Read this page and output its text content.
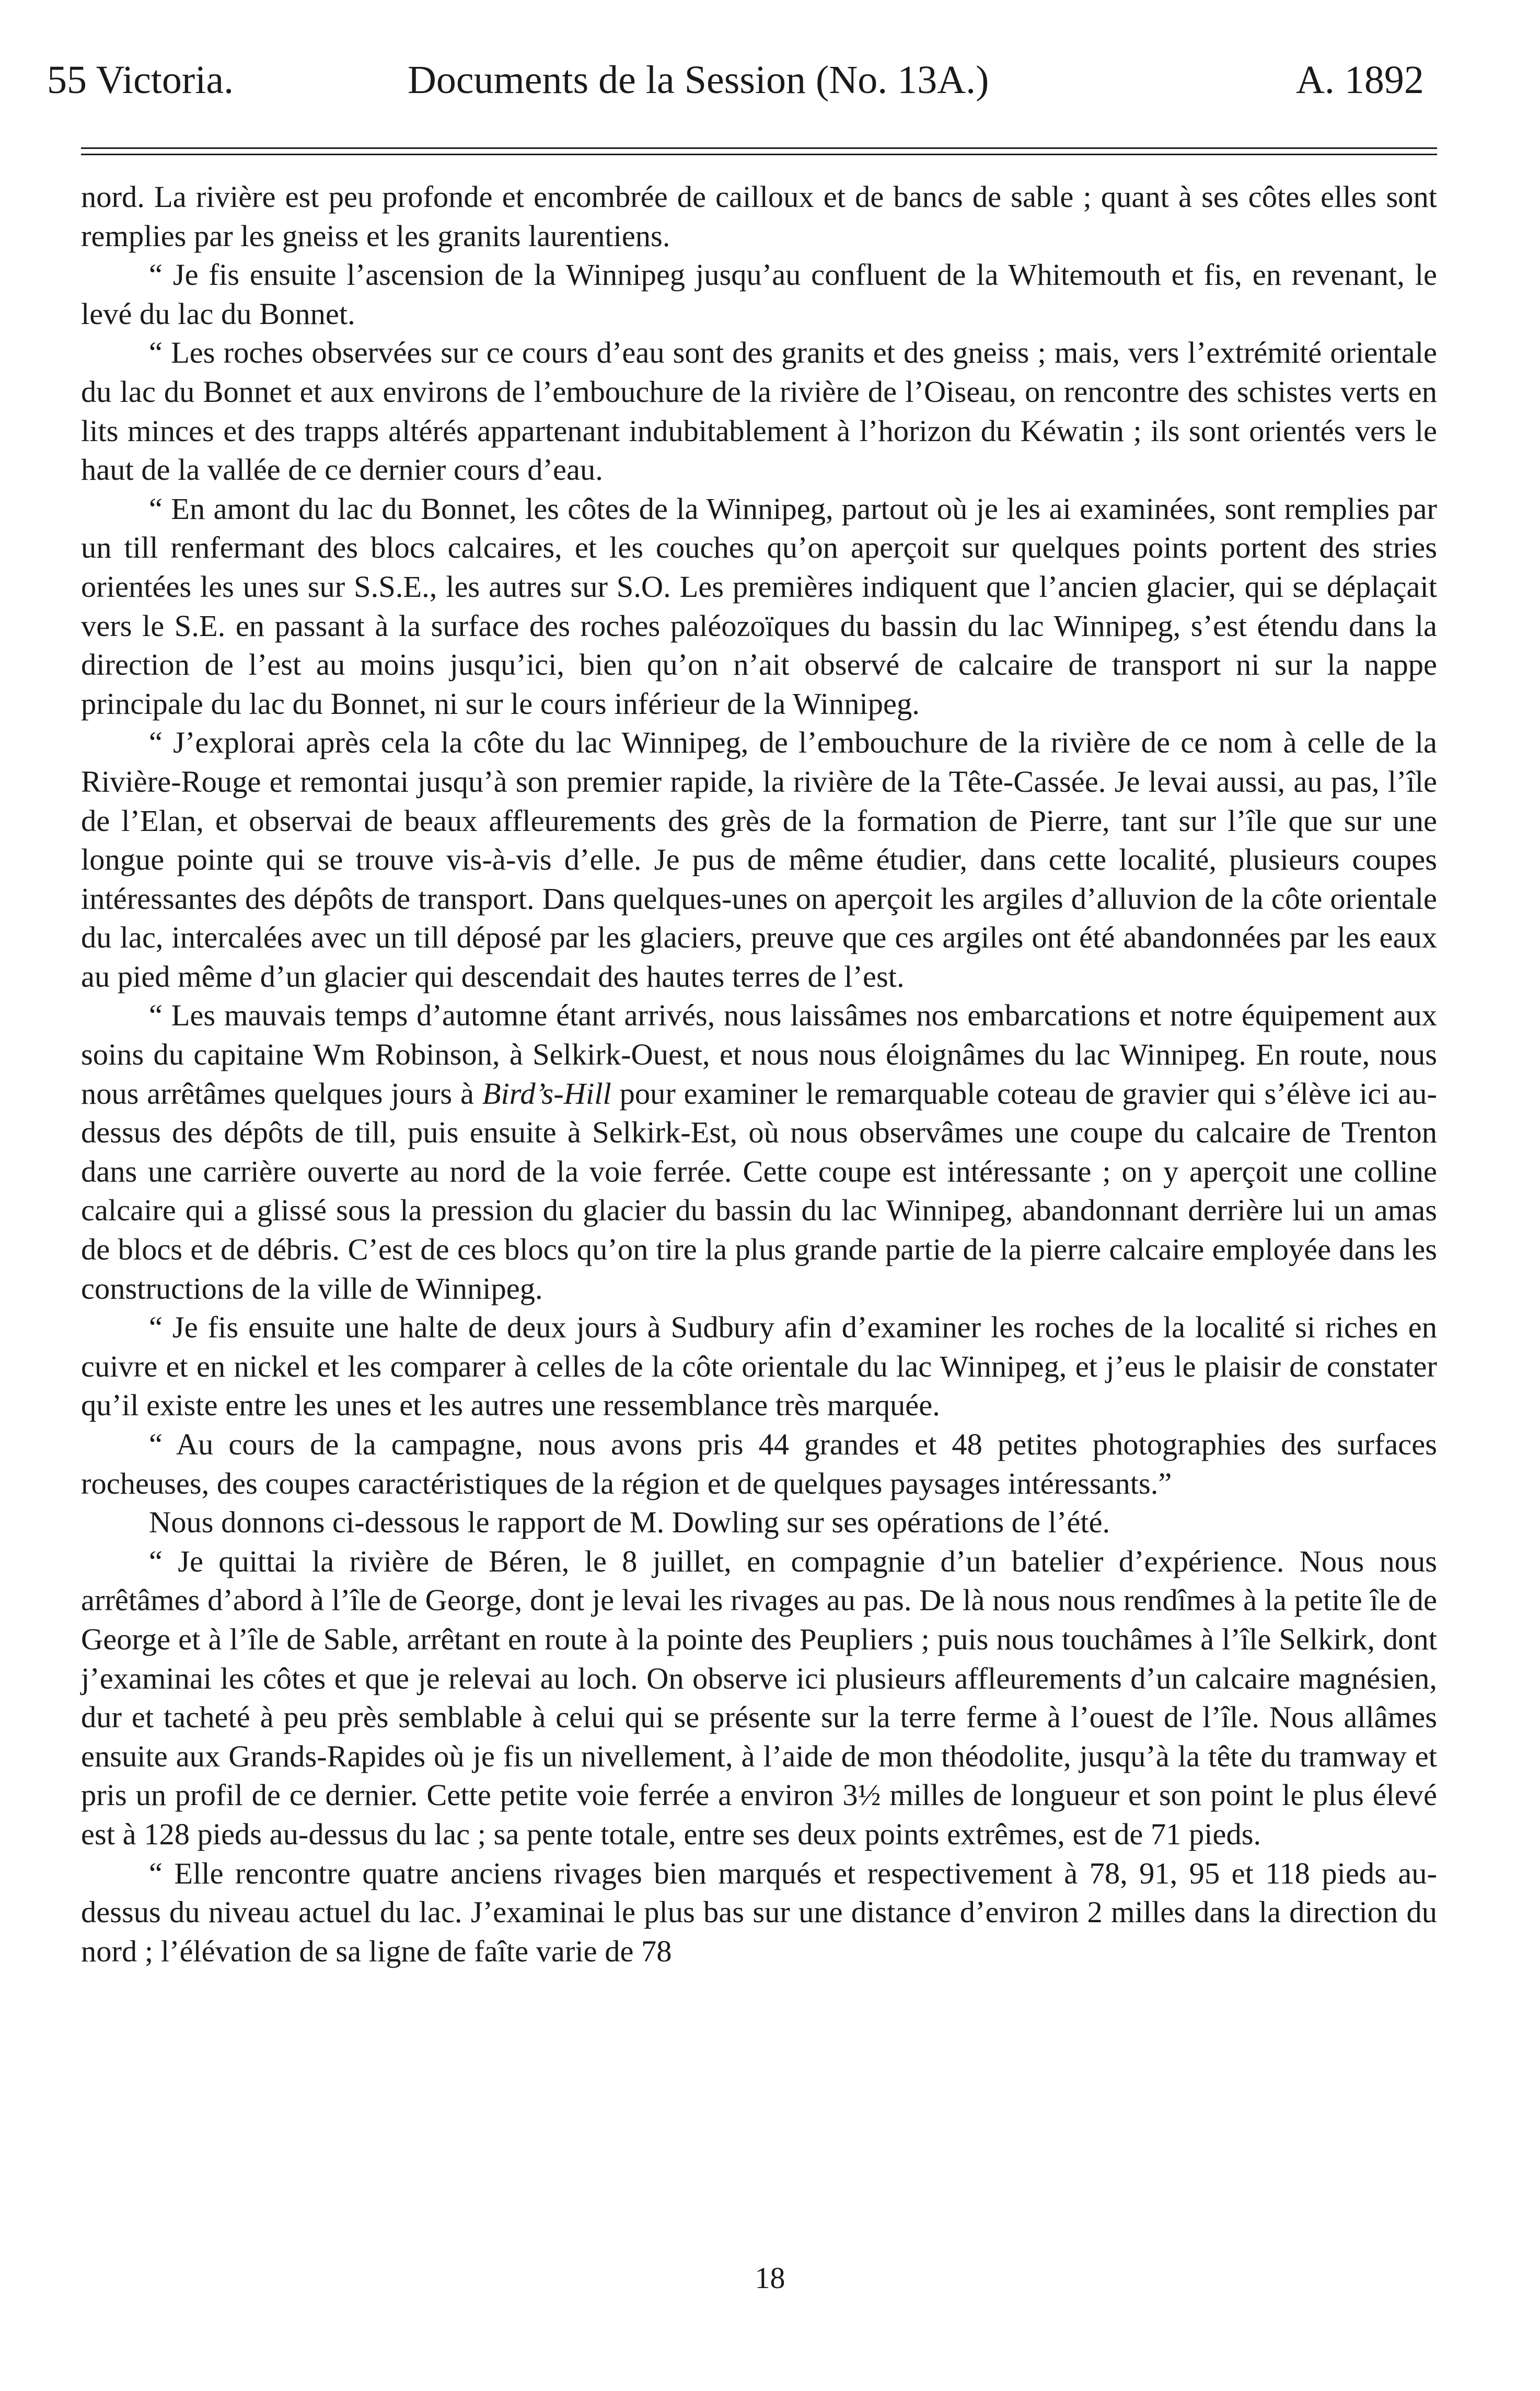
55 Victoria.	Documents de la Session (No. 13A.)	A. 1892

nord. La rivière est peu profonde et encombrée de cailloux et de bancs de sable ; quant à ses côtes elles sont remplies par les gneiss et les granits laurentiens.

“ Je fis ensuite l’ascension de la Winnipeg jusqu’au confluent de la Whitemouth et fis, en revenant, le levé du lac du Bonnet.

“ Les roches observées sur ce cours d’eau sont des granits et des gneiss ; mais, vers l’extrémité orientale du lac du Bonnet et aux environs de l’embouchure de la rivière de l’Oiseau, on rencontre des schistes verts en lits minces et des trapps altérés appartenant indubitablement à l’horizon du Kéwatin ; ils sont orientés vers le haut de la vallée de ce dernier cours d’eau.

“ En amont du lac du Bonnet, les côtes de la Winnipeg, partout où je les ai examinées, sont remplies par un till renfermant des blocs calcaires, et les couches qu’on aperçoit sur quelques points portent des stries orientées les unes sur S.S.E., les autres sur S.O. Les premières indiquent que l’ancien glacier, qui se déplaçait vers le S.E. en passant à la surface des roches paléozoïques du bassin du lac Winnipeg, s’est étendu dans la direction de l’est au moins jusqu’ici, bien qu’on n’ait observé de calcaire de transport ni sur la nappe principale du lac du Bonnet, ni sur le cours inférieur de la Winnipeg.

“ J’explorai après cela la côte du lac Winnipeg, de l’embouchure de la rivière de ce nom à celle de la Rivière-Rouge et remontai jusqu’à son premier rapide, la rivière de la Tête-Cassée. Je levai aussi, au pas, l’île de l’Elan, et observai de beaux affleurements des grès de la formation de Pierre, tant sur l’île que sur une longue pointe qui se trouve vis-à-vis d’elle. Je pus de même étudier, dans cette localité, plusieurs coupes intéressantes des dépôts de transport. Dans quelques-unes on aperçoit les argiles d’alluvion de la côte orientale du lac, intercalées avec un till déposé par les glaciers, preuve que ces argiles ont été abandonnées par les eaux au pied même d’un glacier qui descendait des hautes terres de l’est.

“ Les mauvais temps d’automne étant arrivés, nous laissâmes nos embarcations et notre équipement aux soins du capitaine Wm Robinson, à Selkirk-Ouest, et nous nous éloignâmes du lac Winnipeg. En route, nous nous arrêtâmes quelques jours à Bird’s-Hill pour examiner le remarquable coteau de gravier qui s’élève ici au-dessus des dépôts de till, puis ensuite à Selkirk-Est, où nous observâmes une coupe du calcaire de Trenton dans une carrière ouverte au nord de la voie ferrée. Cette coupe est intéressante ; on y aperçoit une colline calcaire qui a glissé sous la pression du glacier du bassin du lac Winnipeg, abandonnant derrière lui un amas de blocs et de débris. C’est de ces blocs qu’on tire la plus grande partie de la pierre calcaire employée dans les constructions de la ville de Winnipeg.

“ Je fis ensuite une halte de deux jours à Sudbury afin d’examiner les roches de la localité si riches en cuivre et en nickel et les comparer à celles de la côte orientale du lac Winnipeg, et j’eus le plaisir de constater qu’il existe entre les unes et les autres une ressemblance très marquée.

“ Au cours de la campagne, nous avons pris 44 grandes et 48 petites photographies des surfaces rocheuses, des coupes caractéristiques de la région et de quelques paysages intéressants.”

Nous donnons ci-dessous le rapport de M. Dowling sur ses opérations de l’été.

“ Je quittai la rivière de Béren, le 8 juillet, en compagnie d’un batelier d’expérience. Nous nous arrêtâmes d’abord à l’île de George, dont je levai les rivages au pas. De là nous nous rendîmes à la petite île de George et à l’île de Sable, arrêtant en route à la pointe des Peupliers ; puis nous touchâmes à l’île Selkirk, dont j’examinai les côtes et que je relevai au loch. On observe ici plusieurs affleurements d’un calcaire magnésien, dur et tacheté à peu près semblable à celui qui se présente sur la terre ferme à l’ouest de l’île. Nous allâmes ensuite aux Grands-Rapides où je fis un nivellement, à l’aide de mon théodolite, jusqu’à la tête du tramway et pris un profil de ce dernier. Cette petite voie ferrée a environ 3½ milles de longueur et son point le plus élevé est à 128 pieds au-dessus du lac ; sa pente totale, entre ses deux points extrêmes, est de 71 pieds.

“ Elle rencontre quatre anciens rivages bien marqués et respectivement à 78, 91, 95 et 118 pieds au-dessus du niveau actuel du lac. J’examinai le plus bas sur une distance d’environ 2 milles dans la direction du nord ; l’élévation de sa ligne de faîte varie de 78

18
